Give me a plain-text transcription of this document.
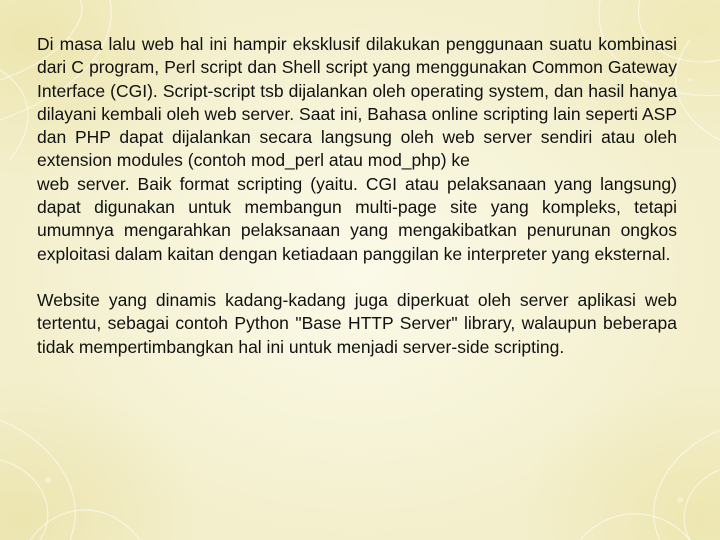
Di masa lalu web hal ini hampir eksklusif dilakukan penggunaan suatu kombinasi dari C program, Perl script dan Shell script yang menggunakan Common Gateway Interface (CGI). Script-script tsb dijalankan oleh operating system, dan hasil hanya dilayani kembali oleh web server. Saat ini, Bahasa online scripting lain seperti ASP dan PHP dapat dijalankan secara langsung oleh web server sendiri atau oleh extension modules (contoh mod_perl atau mod_php) ke

web server. Baik format scripting (yaitu. CGI atau pelaksanaan yang langsung) dapat digunakan untuk membangun multi-page site yang kompleks, tetapi umumnya mengarahkan pelaksanaan yang mengakibatkan penurunan ongkos exploitasi dalam kaitan dengan ketiadaan panggilan ke interpreter yang eksternal.

Website yang dinamis kadang-kadang juga diperkuat oleh server aplikasi web tertentu, sebagai contoh Python "Base HTTP Server" library, walaupun beberapa tidak mempertimbangkan hal ini untuk menjadi server-side scripting.
